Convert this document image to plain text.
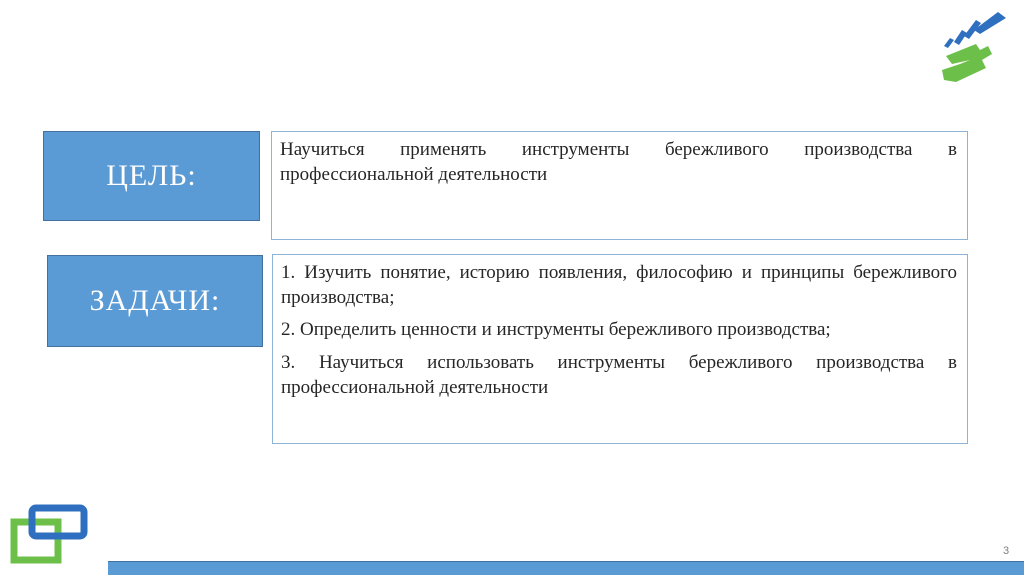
ЦЕЛЬ:

Научиться применять инструменты бережливого производства в профессиональной деятельности

ЗАДАЧИ:

1. Изучить понятие, историю появления, философию и принципы бережливого производства;

2. Определить ценности и инструменты бережливого производства;

3. Научиться использовать инструменты бережливого производства в профессиональной деятельности

3
